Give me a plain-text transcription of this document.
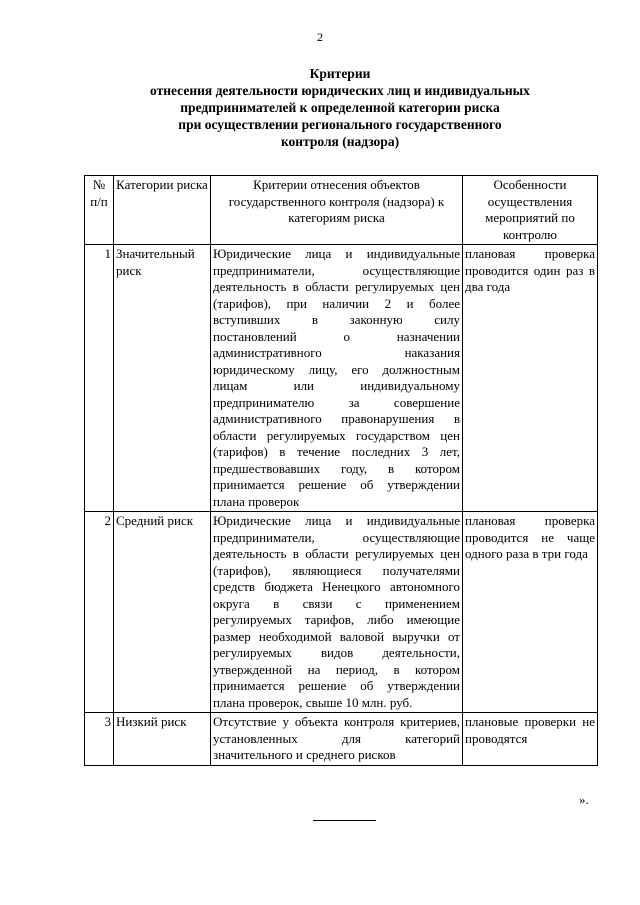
2
Критерии
отнесения деятельности юридических лиц и индивидуальных
предпринимателей к определенной категории риска
при осуществлении регионального государственного
контроля (надзора)
№ п/п	Категории риска	Критерии отнесения объектов государственного контроля (надзора) к категориям риска	Особенности осуществления мероприятий по контролю
1	Значительный риск	Юридические лица и индивидуальные предприниматели, осуществляющие деятельность в области регулируемых цен (тарифов), при наличии 2 и более вступивших в законную силу постановлений о назначении административного наказания юридическому лицу, его должностным лицам или индивидуальному предпринимателю за совершение административного правонарушения в области регулируемых государством цен (тарифов) в течение последних 3 лет, предшествовавших году, в котором принимается решение об утверждении плана проверок	плановая проверка проводится один раз в два года
2	Средний риск	Юридические лица и индивидуальные предприниматели, осуществляющие деятельность в области регулируемых цен (тарифов), являющиеся получателями средств бюджета Ненецкого автономного округа в связи с применением регулируемых тарифов, либо имеющие размер необходимой валовой выручки от регулируемых видов деятельности, утвержденной на период, в котором принимается решение об утверждении плана проверок, свыше 10 млн. руб.	плановая проверка проводится не чаще одного раза в три года
3	Низкий риск	Отсутствие у объекта контроля критериев, установленных для категорий значительного и среднего рисков	плановые проверки не проводятся
».
